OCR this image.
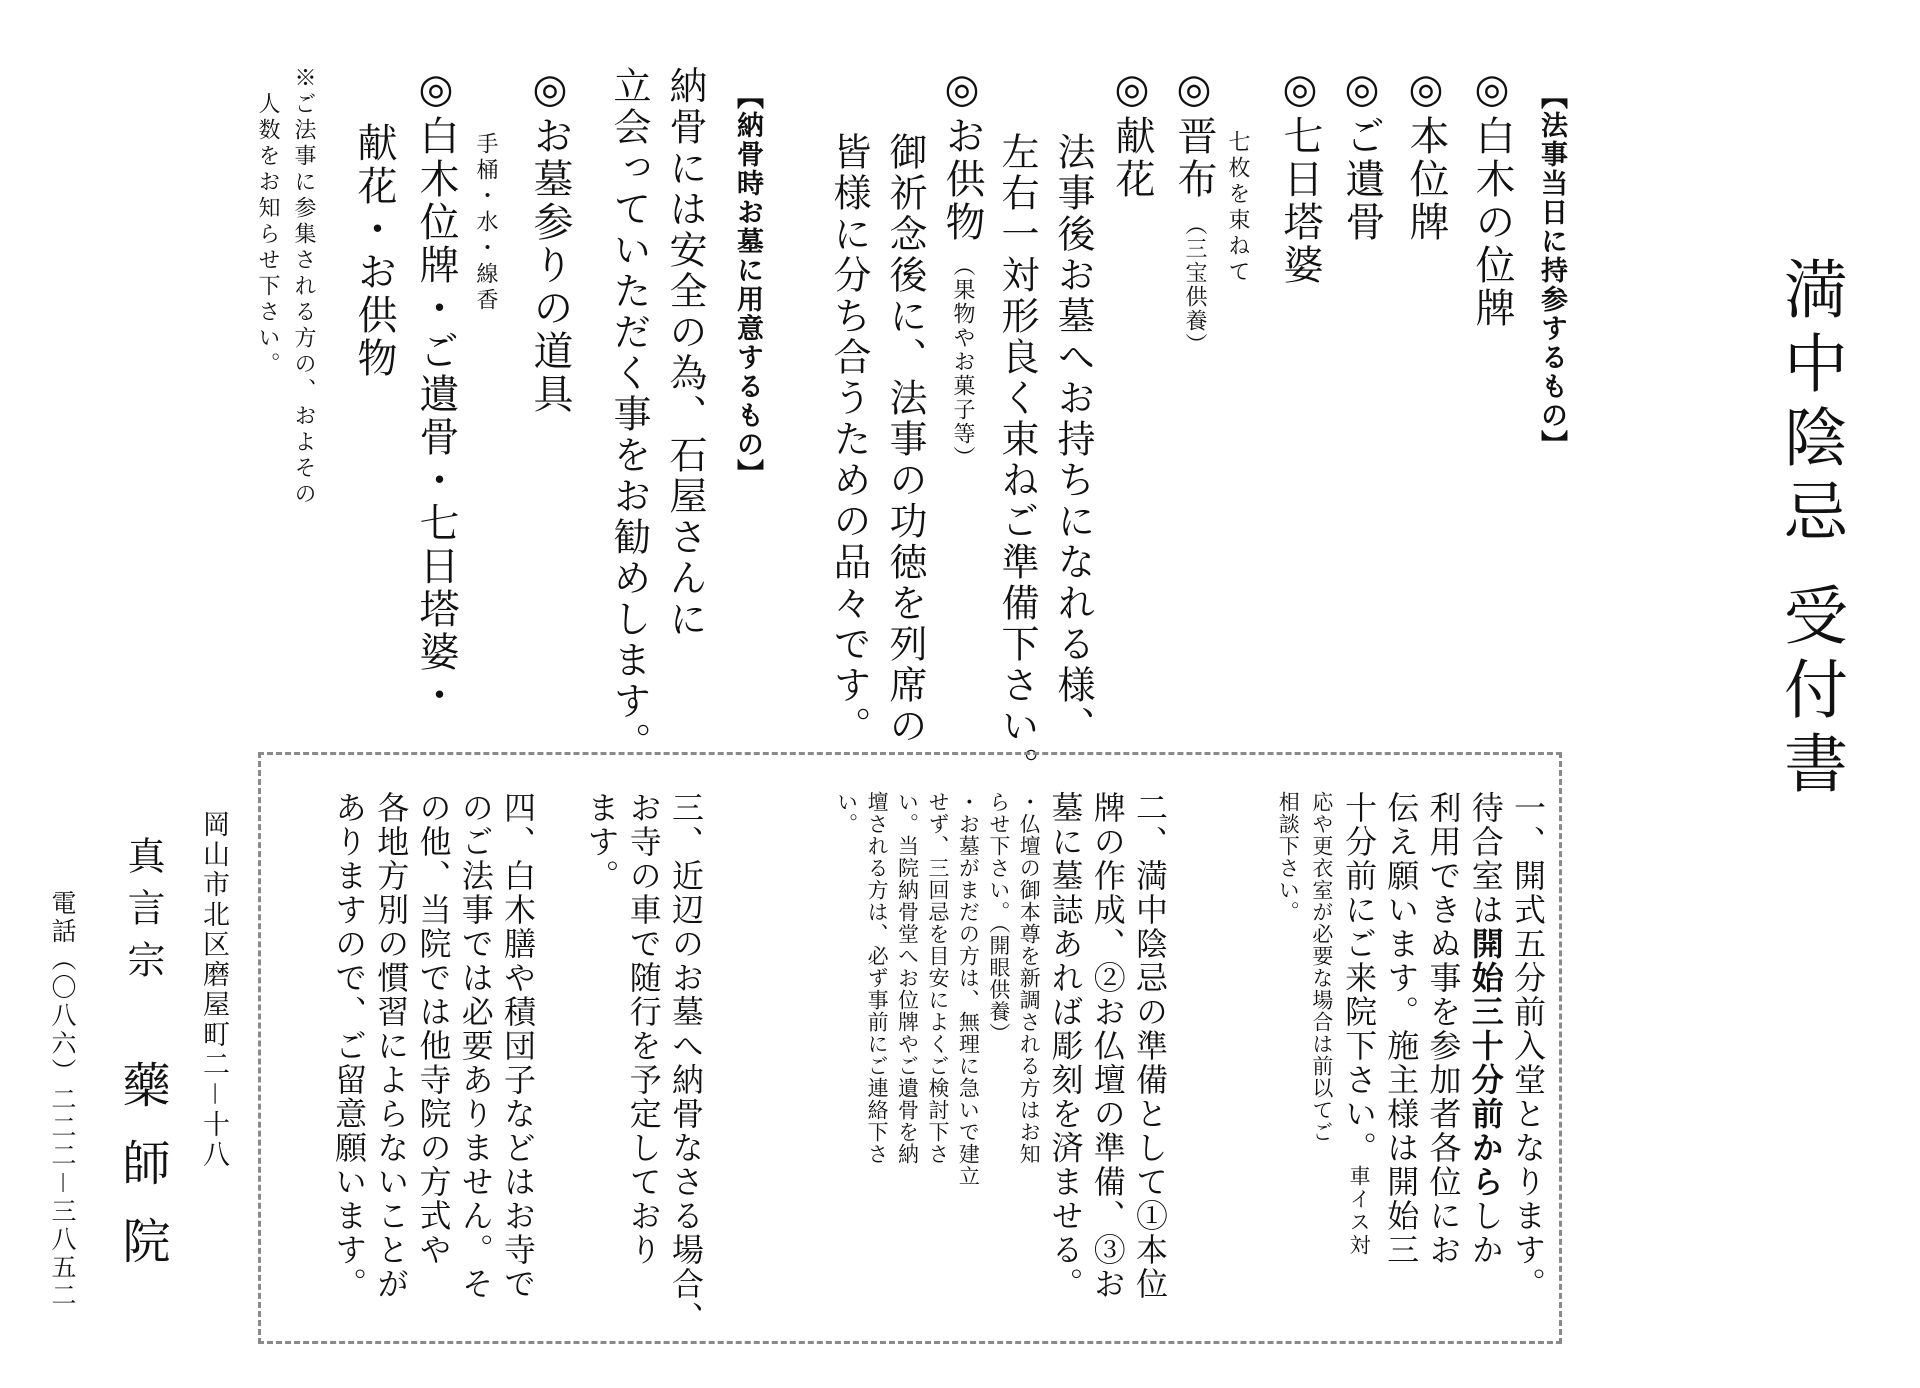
満中陰忌 受付書
【法事当日に持参するもの】
◎白木の位牌
◎本位牌
◎ご遺骨
◎七日塔婆
七枚を束ねて
◎晋布（三宝供養）
◎献花
法事後お墓へお持ちになれる様、
左右一対形良く束ねご準備下さい。
◎お供物（果物やお菓子等）
御祈念後に、法事の功徳を列席の
皆様に分ち合うための品々です。
【納骨時お墓に用意するもの】
納骨には安全の為、石屋さんに
立会っていただく事をお勧めします。
◎お墓参りの道具
手桶・水・線香
◎白木位牌・ご遺骨・七日塔婆・
献花・お供物
※ご法事に参集される方の、およその
人数をお知らせ下さい。
一、開式五分前入堂となります。
待合室は開始三十分前からしか
利用できぬ事を参加者各位にお
伝え願います。施主様は開始三
十分前にご来院下さい。車イス対
応や更衣室が必要な場合は前以てご
相談下さい。
二、満中陰忌の準備として①本位
牌の作成、②お仏壇の準備、③お
墓に墓誌あれば彫刻を済ませる。
・仏壇の御本尊を新調される方はお知
らせ下さい。（開眼供養）
・お墓がまだの方は、無理に急いで建立
せず、三回忌を目安によくご検討下さ
い。当院納骨堂へお位牌やご遺骨を納
壇される方は、必ず事前にご連絡下さ
い。
三、近辺のお墓へ納骨なさる場合、
お寺の車で随行を予定しており
ます。
四、白木膳や積団子などはお寺で
のご法事では必要ありません。そ
の他、当院では他寺院の方式や
各地方別の慣習によらないことが
ありますので、ご留意願います。
岡山市北区磨屋町二－十八
真言宗
藥師院
電話（〇八六）二二二－三八五二
